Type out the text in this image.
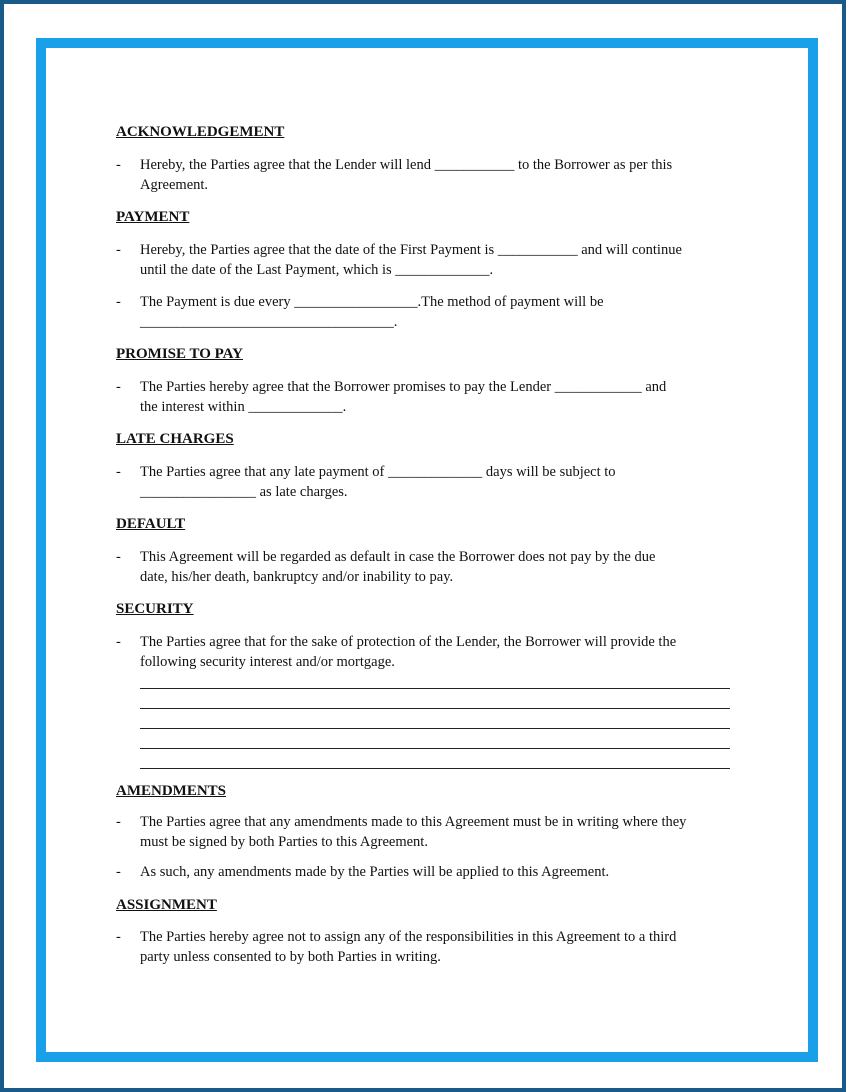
ACKNOWLEDGEMENT

- Hereby, the Parties agree that the Lender will lend ___________ to the Borrower as per this
Agreement.

PAYMENT

- Hereby, the Parties agree that the date of the First Payment is ___________ and will continue
until the date of the Last Payment, which is _____________.
- The Payment is due every _________________.The method of payment will be
___________________________________.

PROMISE TO PAY

- The Parties hereby agree that the Borrower promises to pay the Lender ____________ and
the interest within _____________.

LATE CHARGES

- The Parties agree that any late payment of _____________ days will be subject to
________________ as late charges.

DEFAULT

- This Agreement will be regarded as default in case the Borrower does not pay by the due
date, his/her death, bankruptcy and/or inability to pay.

SECURITY

- The Parties agree that for the sake of protection of the Lender, the Borrower will provide the
following security interest and/or mortgage.

AMENDMENTS

- The Parties agree that any amendments made to this Agreement must be in writing where they
must be signed by both Parties to this Agreement.
- As such, any amendments made by the Parties will be applied to this Agreement.

ASSIGNMENT

- The Parties hereby agree not to assign any of the responsibilities in this Agreement to a third
party unless consented to by both Parties in writing.
